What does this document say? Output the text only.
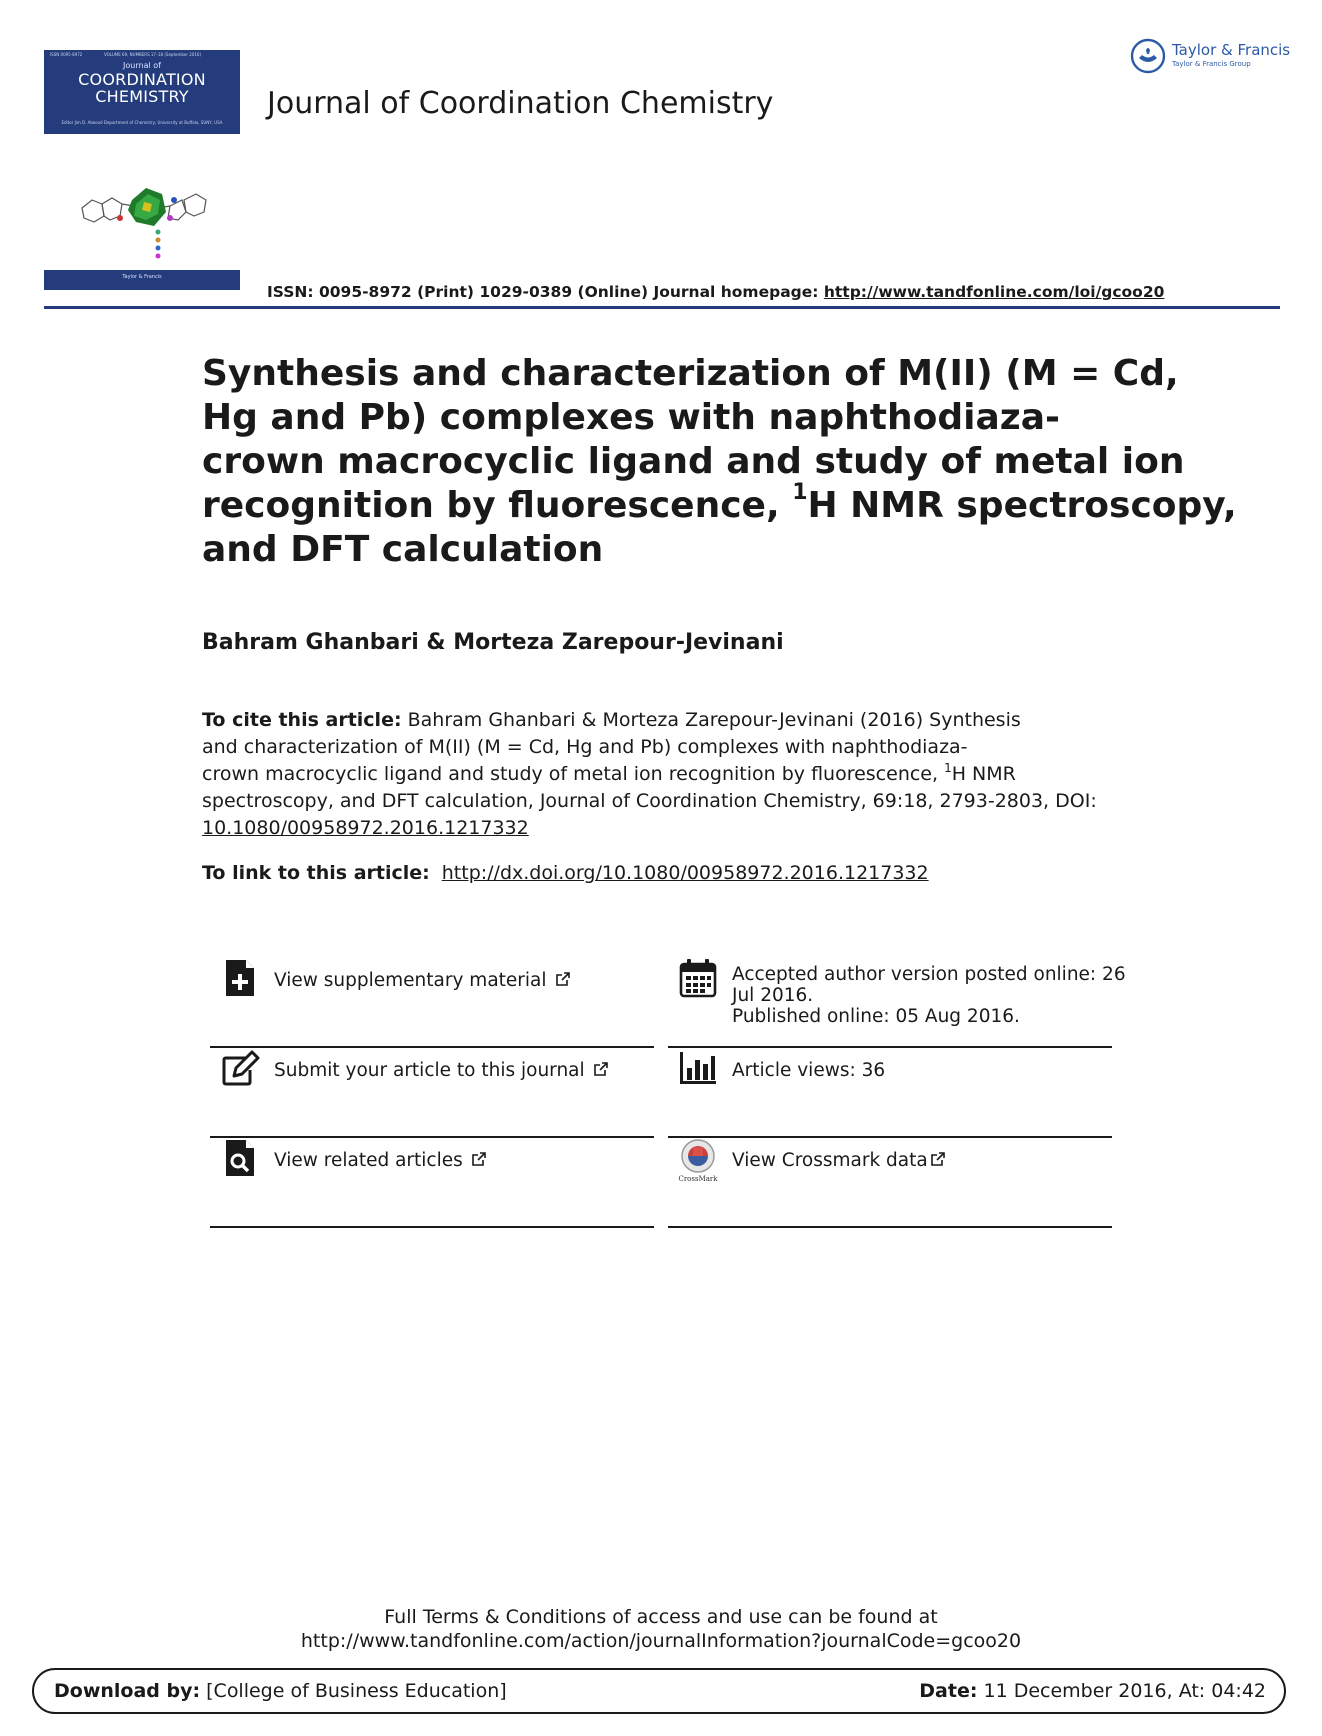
ISSN 0095-8972	VOLUME 69, NUMBERS 17–18 (September 2016)
Journal of
COORDINATION
CHEMISTRY
Editor Jim D. Atwood Department of Chemistry, University at Buffalo, SUNY, USA
Taylor & Francis
Journal of Coordination Chemistry
Taylor & Francis
Taylor & Francis Group
ISSN: 0095-8972 (Print) 1029-0389 (Online) Journal homepage: http://www.tandfonline.com/loi/gcoo20
Synthesis and characterization of M(II) (M = Cd,
Hg and Pb) complexes with naphthodiaza-
crown macrocyclic ligand and study of metal ion
recognition by fluorescence, $^1$H NMR spectroscopy,
and DFT calculation
Bahram Ghanbari & Morteza Zarepour-Jevinani
To cite this article: Bahram Ghanbari & Morteza Zarepour-Jevinani (2016) Synthesis
and characterization of M(II) (M = Cd, Hg and Pb) complexes with naphthodiaza-
crown macrocyclic ligand and study of metal ion recognition by fluorescence, $^1$H NMR
spectroscopy, and DFT calculation, Journal of Coordination Chemistry, 69:18, 2793-2803, DOI:
10.1080/00958972.2016.1217332
To link to this article: http://dx.doi.org/10.1080/00958972.2016.1217332
View supplementary material	Accepted author version posted online: 26
Jul 2016.
Published online: 05 Aug 2016.
Submit your article to this journal	Article views: 36
View related articles
CrossMark
View Crossmark data
Full Terms & Conditions of access and use can be found at
http://www.tandfonline.com/action/journalInformation?journalCode=gcoo20
Download by: [College of Business Education]	Date: 11 December 2016, At: 04:42
